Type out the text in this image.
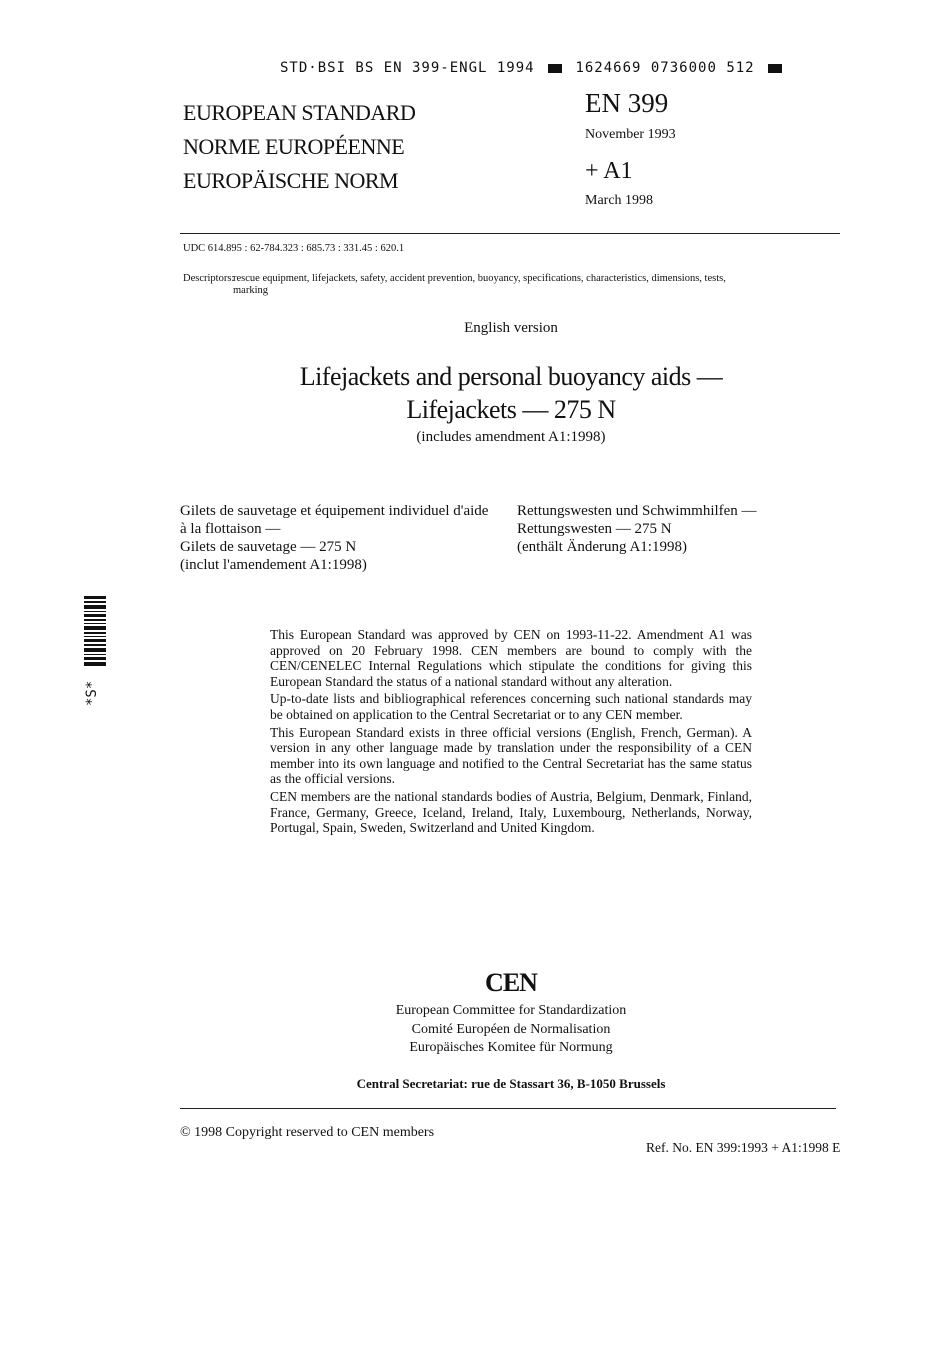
STD·BSI BS EN 399-ENGL 1994	1624669 0736000 512
EUROPEAN STANDARD
NORME EUROPÉENNE
EUROPÄISCHE NORM
EN 399
November 1993
+ A1
March 1998
UDC 614.895 : 62-784.323 : 685.73 : 331.45 : 620.1
Descriptors:rescue equipment, lifejackets, safety, accident prevention, buoyancy, specifications, characteristics, dimensions, tests,
marking
English version
Lifejackets and personal buoyancy aids —
Lifejackets — 275 N
(includes amendment A1:1998)
Gilets de sauvetage et équipement individuel d'aide
à la flottaison —
Gilets de sauvetage — 275 N
(inclut l'amendement A1:1998)
Rettungswesten und Schwimmhilfen —
Rettungswesten — 275 N
(enthält Änderung A1:1998)
*S*

This European Standard was approved by CEN on 1993-11-22. Amendment A1 was approved on 20 February 1998. CEN members are bound to comply with the CEN/CENELEC Internal Regulations which stipulate the conditions for giving this European Standard the status of a national standard without any alteration.

Up-to-date lists and bibliographical references concerning such national standards may be obtained on application to the Central Secretariat or to any CEN member.

This European Standard exists in three official versions (English, French, German). A version in any other language made by translation under the responsibility of a CEN member into its own language and notified to the Central Secretariat has the same status as the official versions.

CEN members are the national standards bodies of Austria, Belgium, Denmark, Finland, France, Germany, Greece, Iceland, Ireland, Italy, Luxembourg, Netherlands, Norway, Portugal, Spain, Sweden, Switzerland and United Kingdom.

CEN
European Committee for Standardization
Comité Européen de Normalisation
Europäisches Komitee für Normung
Central Secretariat: rue de Stassart 36, B-1050 Brussels
© 1998 Copyright reserved to CEN members
Ref. No. EN 399:1993 + A1:1998 E
